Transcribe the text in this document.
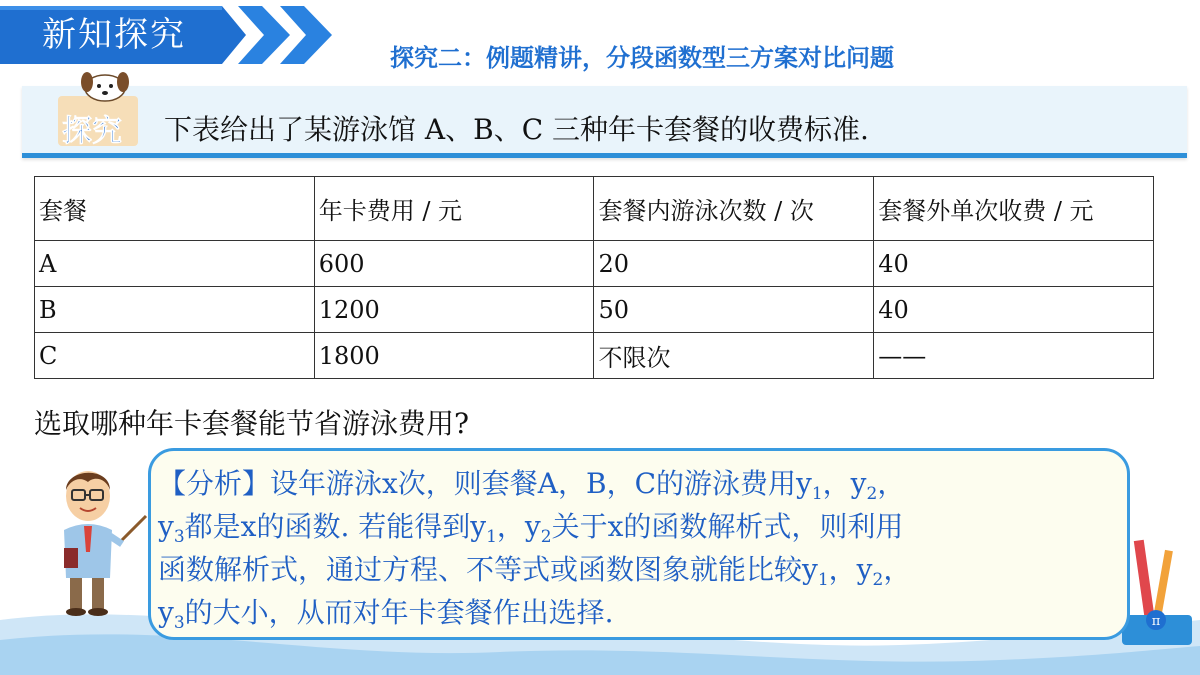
新知探究
探究二：例题精讲，分段函数型三方案对比问题
探究 下表给出了某游泳馆 A、B、C 三种年卡套餐的收费标准.
套餐	年卡费用 / 元	套餐内游泳次数 / 次	套餐外单次收费 / 元
A	600	20	40
B	1200	50	40
C	1800	不限次	——
选取哪种年卡套餐能节省游泳费用?
π
【分析】设年游泳x次，则套餐A，B，C的游泳费用$y_1$，$y_2$，
$y_3$都是x的函数. 若能得到$y_1$，$y_2$关于x的函数解析式，则利用
函数解析式，通过方程、不等式或函数图象就能比较$y_1$，$y_2$，
$y_3$的大小，从而对年卡套餐作出选择.
